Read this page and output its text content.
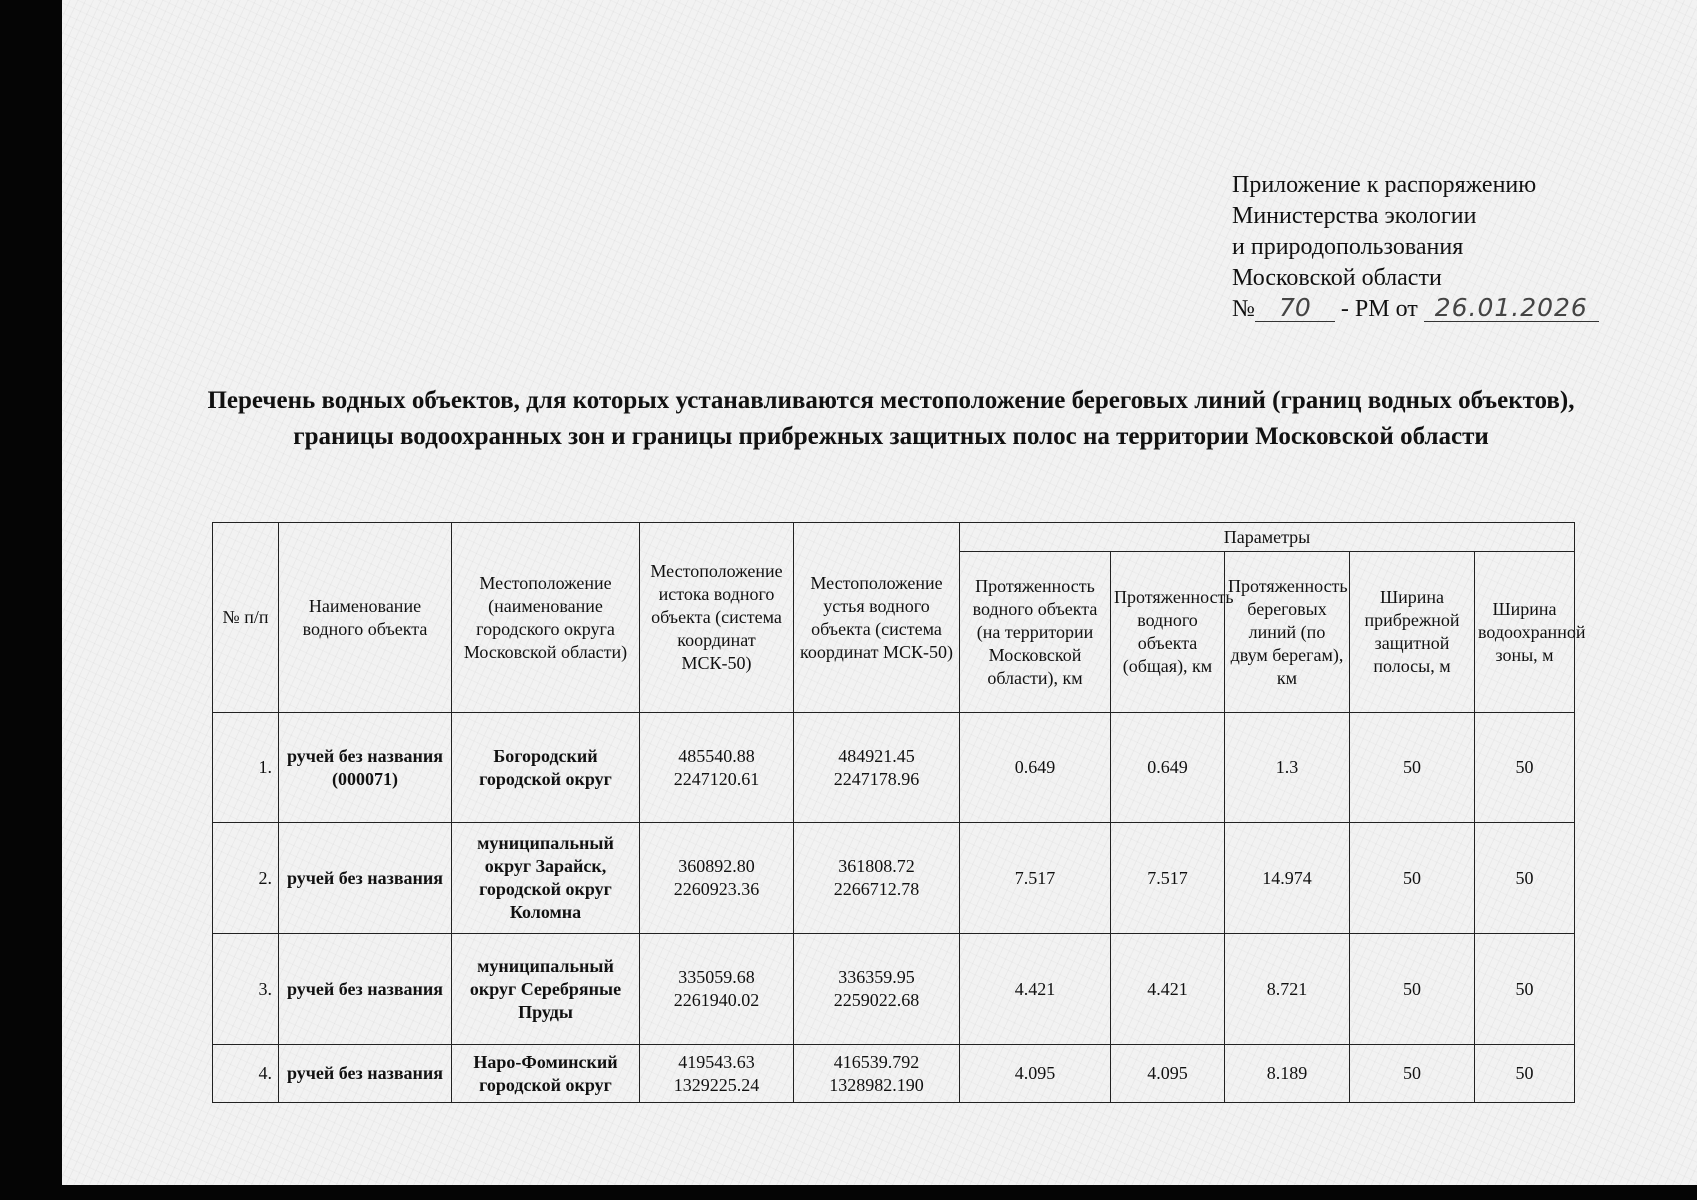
Приложение к распоряжению
Министерства экологии
и природопользования
Московской области
№ 70 - РМ от 26.01.2026
Перечень водных объектов, для которых устанавливаются местоположение береговых линий (границ водных объектов), границы водоохранных зон и границы прибрежных защитных полос на территории Московской области
№ п/п	Наименование водного объекта	Местоположение (наименование городского округа Московской области)	Местоположение истока водного объекта (система координат МСК-50)	Местоположение устья водного объекта (система координат МСК-50)	Параметры				
					Протяженность водного объекта (на территории Московской области), км	Протяженность водного объекта (общая), км	Протяженность береговых линий (по двум берегам), км	Ширина прибрежной защитной полосы, м	Ширина водоохранной зоны, м
1.	ручей без названия (000071)	Богородский городской округ	485540.88 2247120.61	484921.45 2247178.96	0.649	0.649	1.3	50	50
2.	ручей без названия	муниципальный округ Зарайск, городской округ Коломна	360892.80 2260923.36	361808.72 2266712.78	7.517	7.517	14.974	50	50
3.	ручей без названия	муниципальный округ Серебряные Пруды	335059.68 2261940.02	336359.95 2259022.68	4.421	4.421	8.721	50	50
4.	ручей без названия	Наро-Фоминский городской округ	419543.63 1329225.24	416539.792 1328982.190	4.095	4.095	8.189	50	50
